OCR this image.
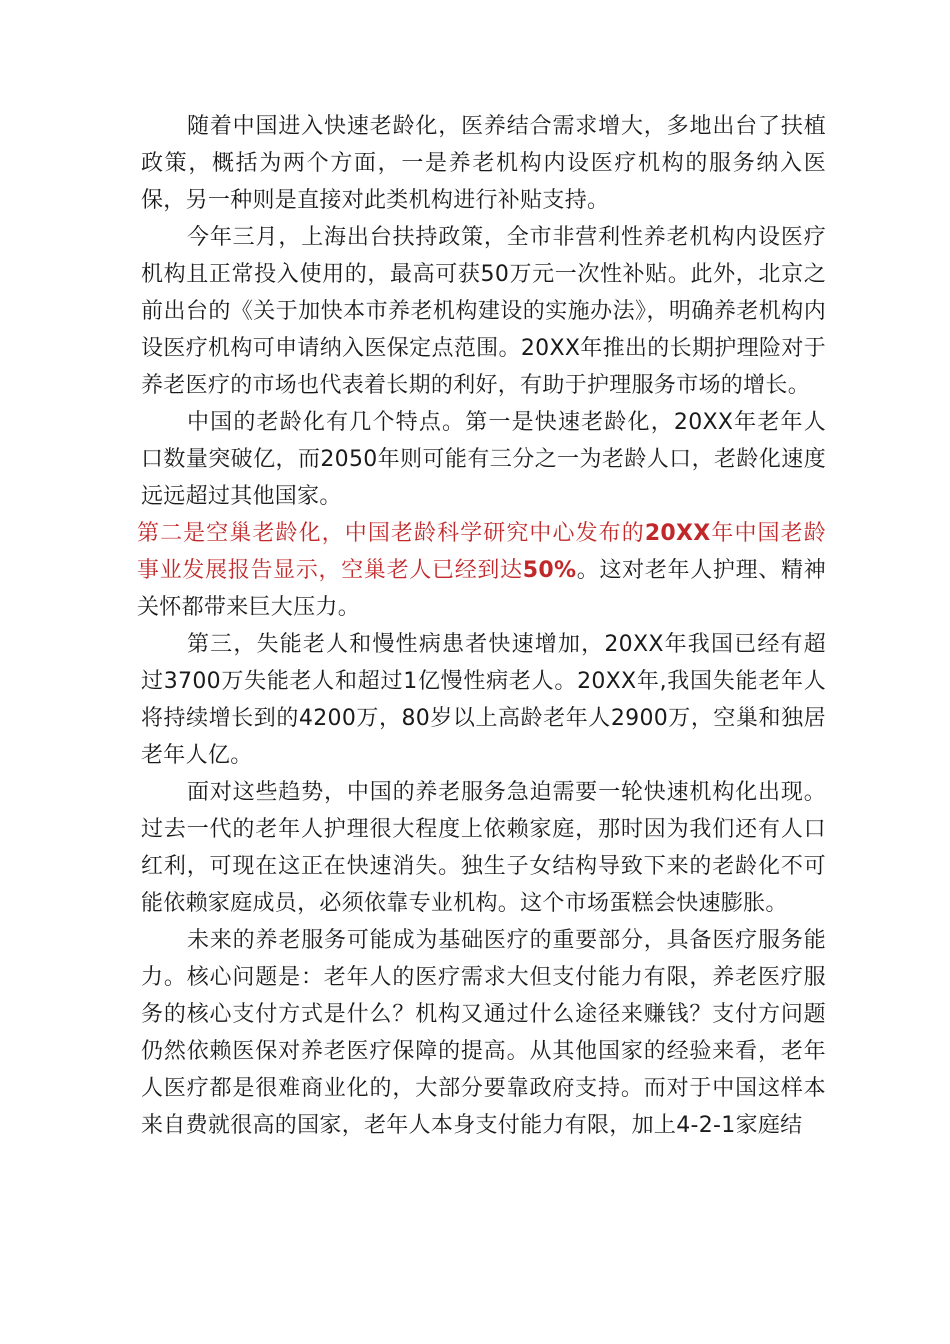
随着中国进入快速老龄化，医养结合需求增大，多地出台了扶植政策，概括为两个方面，一是养老机构内设医疗机构的服务纳入医保，另一种则是直接对此类机构进行补贴支持。

今年三月，上海出台扶持政策，全市非营利性养老机构内设医疗机构且正常投入使用的，最高可获50万元一次性补贴。此外，北京之前出台的《关于加快本市养老机构建设的实施办法》，明确养老机构内设医疗机构可申请纳入医保定点范围。20XX年推出的长期护理险对于养老医疗的市场也代表着长期的利好，有助于护理服务市场的增长。

中国的老龄化有几个特点。第一是快速老龄化，20XX年老年人口数量突破亿，而2050年则可能有三分之一为老龄人口，老龄化速度远远超过其他国家。

第二是空巢老龄化，中国老龄科学研究中心发布的20XX年中国老龄事业发展报告显示，空巢老人已经到达50%。这对老年人护理、精神关怀都带来巨大压力。

第三，失能老人和慢性病患者快速增加，20XX年我国已经有超过3700万失能老人和超过1亿慢性病老人。20XX年,我国失能老年人将持续增长到的4200万，80岁以上高龄老年人2900万，空巢和独居老年人亿。

面对这些趋势，中国的养老服务急迫需要一轮快速机构化出现。过去一代的老年人护理很大程度上依赖家庭，那时因为我们还有人口红利，可现在这正在快速消失。独生子女结构导致下来的老龄化不可能依赖家庭成员，必须依靠专业机构。这个市场蛋糕会快速膨胀。

未来的养老服务可能成为基础医疗的重要部分，具备医疗服务能力。核心问题是：老年人的医疗需求大但支付能力有限，养老医疗服务的核心支付方式是什么？机构又通过什么途径来赚钱？支付方问题仍然依赖医保对养老医疗保障的提高。从其他国家的经验来看，老年人医疗都是很难商业化的，大部分要靠政府支持。而对于中国这样本来自费就很高的国家，老年人本身支付能力有限，加上4-2-1家庭结
